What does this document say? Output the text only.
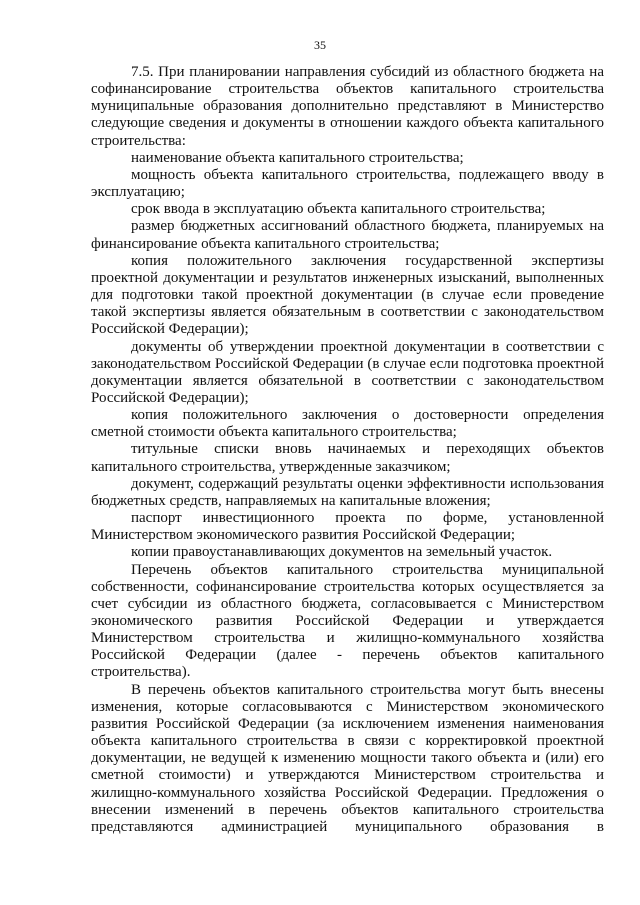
35

7.5. При планировании направления субсидий из областного бюджета на софинансирование строительства объектов капитального строительства муниципальные образования дополнительно представляют в Министерство следующие сведения и документы в отношении каждого объекта капитального строительства:

наименование объекта капитального строительства;

мощность объекта капитального строительства, подлежащего вводу в эксплуатацию;

срок ввода в эксплуатацию объекта капитального строительства;

размер бюджетных ассигнований областного бюджета, планируемых на финансирование объекта капитального строительства;

копия положительного заключения государственной экспертизы проектной документации и результатов инженерных изысканий, выполненных для подготовки такой проектной документации (в случае если проведение такой экспертизы является обязательным в соответствии с законодательством Российской Федерации);

документы об утверждении проектной документации в соответствии с законодательством Российской Федерации (в случае если подготовка проектной документации является обязательной в соответствии с законодательством Российской Федерации);

копия положительного заключения о достоверности определения сметной стоимости объекта капитального строительства;

титульные списки вновь начинаемых и переходящих объектов капитального строительства, утвержденные заказчиком;

документ, содержащий результаты оценки эффективности использования бюджетных средств, направляемых на капитальные вложения;

паспорт инвестиционного проекта по форме, установленной Министерством экономического развития Российской Федерации;

копии правоустанавливающих документов на земельный участок.

Перечень объектов капитального строительства муниципальной собственности, софинансирование строительства которых осуществляется за счет субсидии из областного бюджета, согласовывается с Министерством экономического развития Российской Федерации и утверждается Министерством строительства и жилищно-коммунального хозяйства Российской Федерации (далее - перечень объектов капитального строительства).

В перечень объектов капитального строительства могут быть внесены изменения, которые согласовываются с Министерством экономического развития Российской Федерации (за исключением изменения наименования объекта капитального строительства в связи с корректировкой проектной документации, не ведущей к изменению мощности такого объекта и (или) его сметной стоимости) и утверждаются Министерством строительства и жилищно-коммунального хозяйства Российской Федерации. Предложения о внесении изменений в перечень объектов капитального строительства представляются администрацией муниципального образования в
